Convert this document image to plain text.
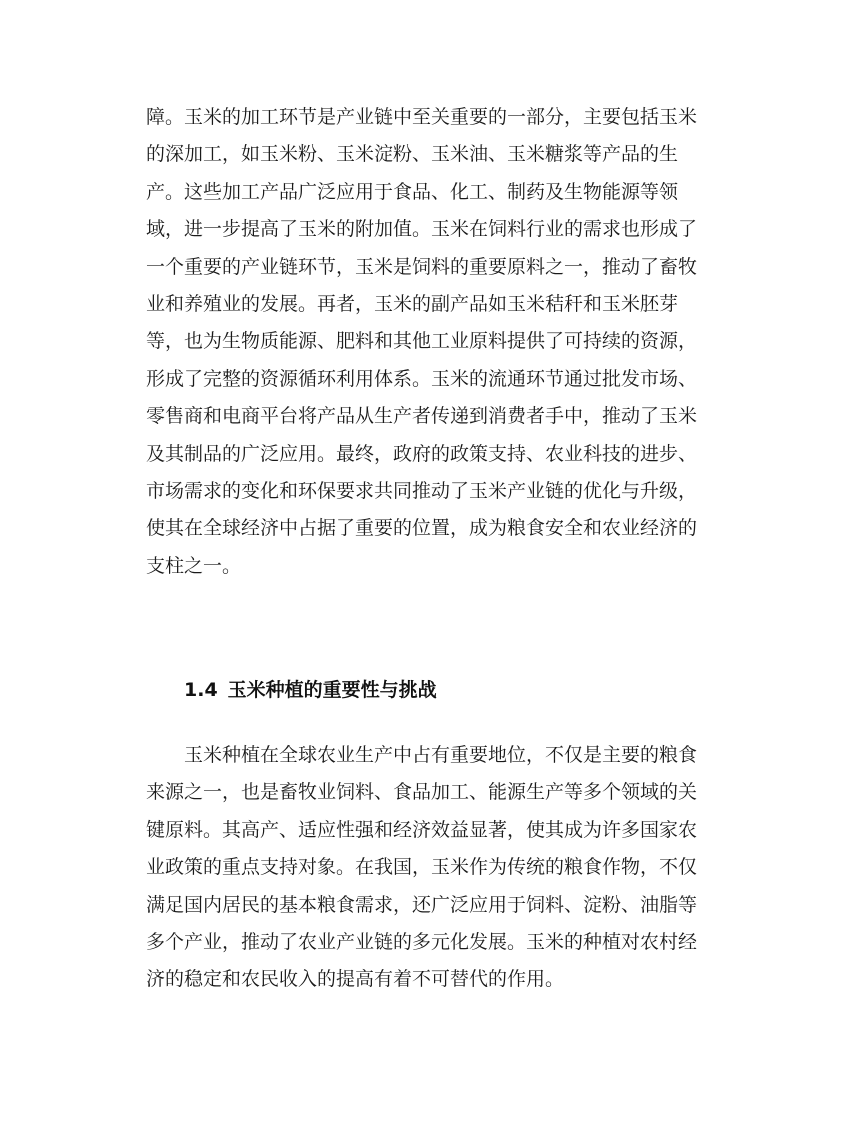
障。玉米的加工环节是产业链中至关重要的一部分，主要包括玉米的深加工，如玉米粉、玉米淀粉、玉米油、玉米糖浆等产品的生产。这些加工产品广泛应用于食品、化工、制药及生物能源等领域，进一步提高了玉米的附加值。玉米在饲料行业的需求也形成了一个重要的产业链环节，玉米是饲料的重要原料之一，推动了畜牧业和养殖业的发展。再者，玉米的副产品如玉米秸秆和玉米胚芽等，也为生物质能源、肥料和其他工业原料提供了可持续的资源，形成了完整的资源循环利用体系。玉米的流通环节通过批发市场、零售商和电商平台将产品从生产者传递到消费者手中，推动了玉米及其制品的广泛应用。最终，政府的政策支持、农业科技的进步、市场需求的变化和环保要求共同推动了玉米产业链的优化与升级，使其在全球经济中占据了重要的位置，成为粮食安全和农业经济的支柱之一。

1.4 玉米种植的重要性与挑战

玉米种植在全球农业生产中占有重要地位，不仅是主要的粮食来源之一，也是畜牧业饲料、食品加工、能源生产等多个领域的关键原料。其高产、适应性强和经济效益显著，使其成为许多国家农业政策的重点支持对象。在我国，玉米作为传统的粮食作物，不仅满足国内居民的基本粮食需求，还广泛应用于饲料、淀粉、油脂等多个产业，推动了农业产业链的多元化发展。玉米的种植对农村经济的稳定和农民收入的提高有着不可替代的作用。
